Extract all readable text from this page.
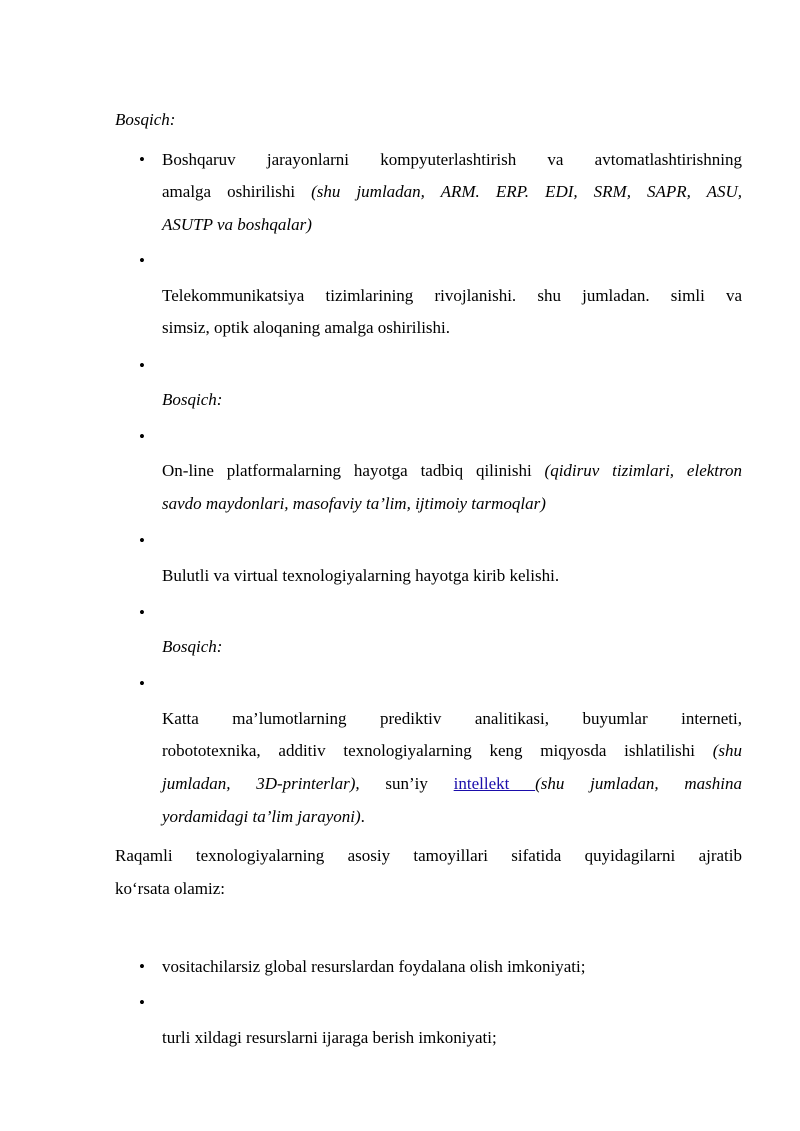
Bosqich:
• Boshqaruv jarayonlarni kompyuterlashtirish va avtomatlashtirishning
amalga oshirilishi (shu jumladan, ARM. ERP. EDI, SRM, SAPR, ASU,
ASUTP va boshqalar)
•
Telekommunikatsiya tizimlarining rivojlanishi. shu jumladan. simli va
simsiz, optik aloqaning amalga oshirilishi.
•
Bosqich:
•
On-line platformalarning hayotga tadbiq qilinishi (qidiruv tizimlari, elektron
savdo maydonlari, masofaviy ta’lim, ijtimoiy tarmoqlar)
•
Bulutli va virtual texnologiyalarning hayotga kirib kelishi.
•
Bosqich:
•
Katta ma’lumotlarning prediktiv analitikasi, buyumlar interneti,
robototexnika, additiv texnologiyalarning keng miqyosda ishlatilishi (shu
jumladan, 3D-printerlar), sun’iy intellekt (shu jumladan, mashina
yordamidagi ta’lim jarayoni).
Raqamli texnologiyalarning asosiy tamoyillari sifatida quyidagilarni ajratib
ko‘rsata olamiz:
• vositachilarsiz global resurslardan foydalana olish imkoniyati;
•
turli xildagi resurslarni ijaraga berish imkoniyati;
